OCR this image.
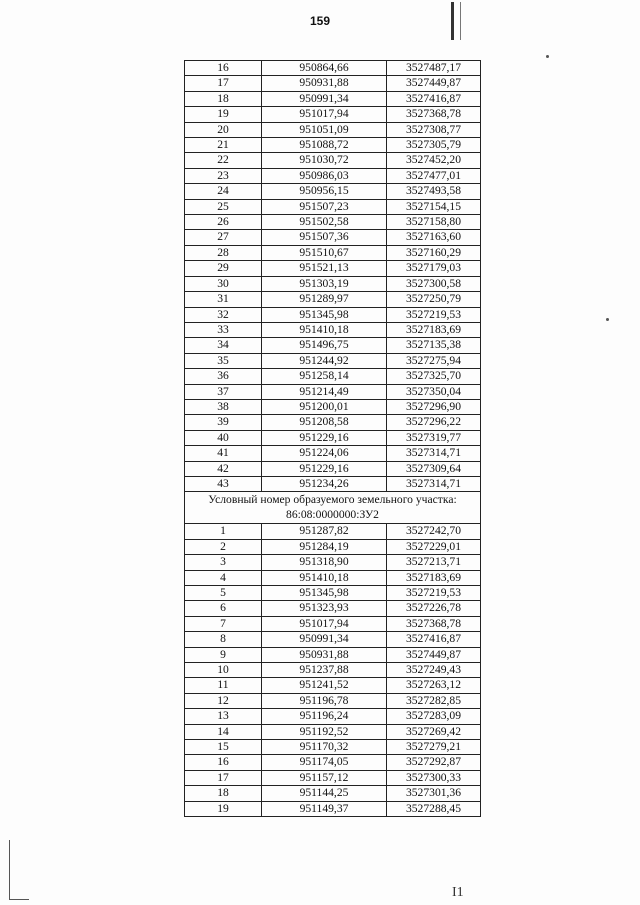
159
Ι1
16	950864,66	3527487,17
17	950931,88	3527449,87
18	950991,34	3527416,87
19	951017,94	3527368,78
20	951051,09	3527308,77
21	951088,72	3527305,79
22	951030,72	3527452,20
23	950986,03	3527477,01
24	950956,15	3527493,58
25	951507,23	3527154,15
26	951502,58	3527158,80
27	951507,36	3527163,60
28	951510,67	3527160,29
29	951521,13	3527179,03
30	951303,19	3527300,58
31	951289,97	3527250,79
32	951345,98	3527219,53
33	951410,18	3527183,69
34	951496,75	3527135,38
35	951244,92	3527275,94
36	951258,14	3527325,70
37	951214,49	3527350,04
38	951200,01	3527296,90
39	951208,58	3527296,22
40	951229,16	3527319,77
41	951224,06	3527314,71
42	951229,16	3527309,64
43	951234,26	3527314,71

Условный номер образуемого земельного участка:
86:08:0000000:ЗУ2		

1	951287,82	3527242,70
2	951284,19	3527229,01
3	951318,90	3527213,71
4	951410,18	3527183,69
5	951345,98	3527219,53
6	951323,93	3527226,78
7	951017,94	3527368,78
8	950991,34	3527416,87
9	950931,88	3527449,87
10	951237,88	3527249,43
11	951241,52	3527263,12
12	951196,78	3527282,85
13	951196,24	3527283,09
14	951192,52	3527269,42
15	951170,32	3527279,21
16	951174,05	3527292,87
17	951157,12	3527300,33
18	951144,25	3527301,36
19	951149,37	3527288,45
